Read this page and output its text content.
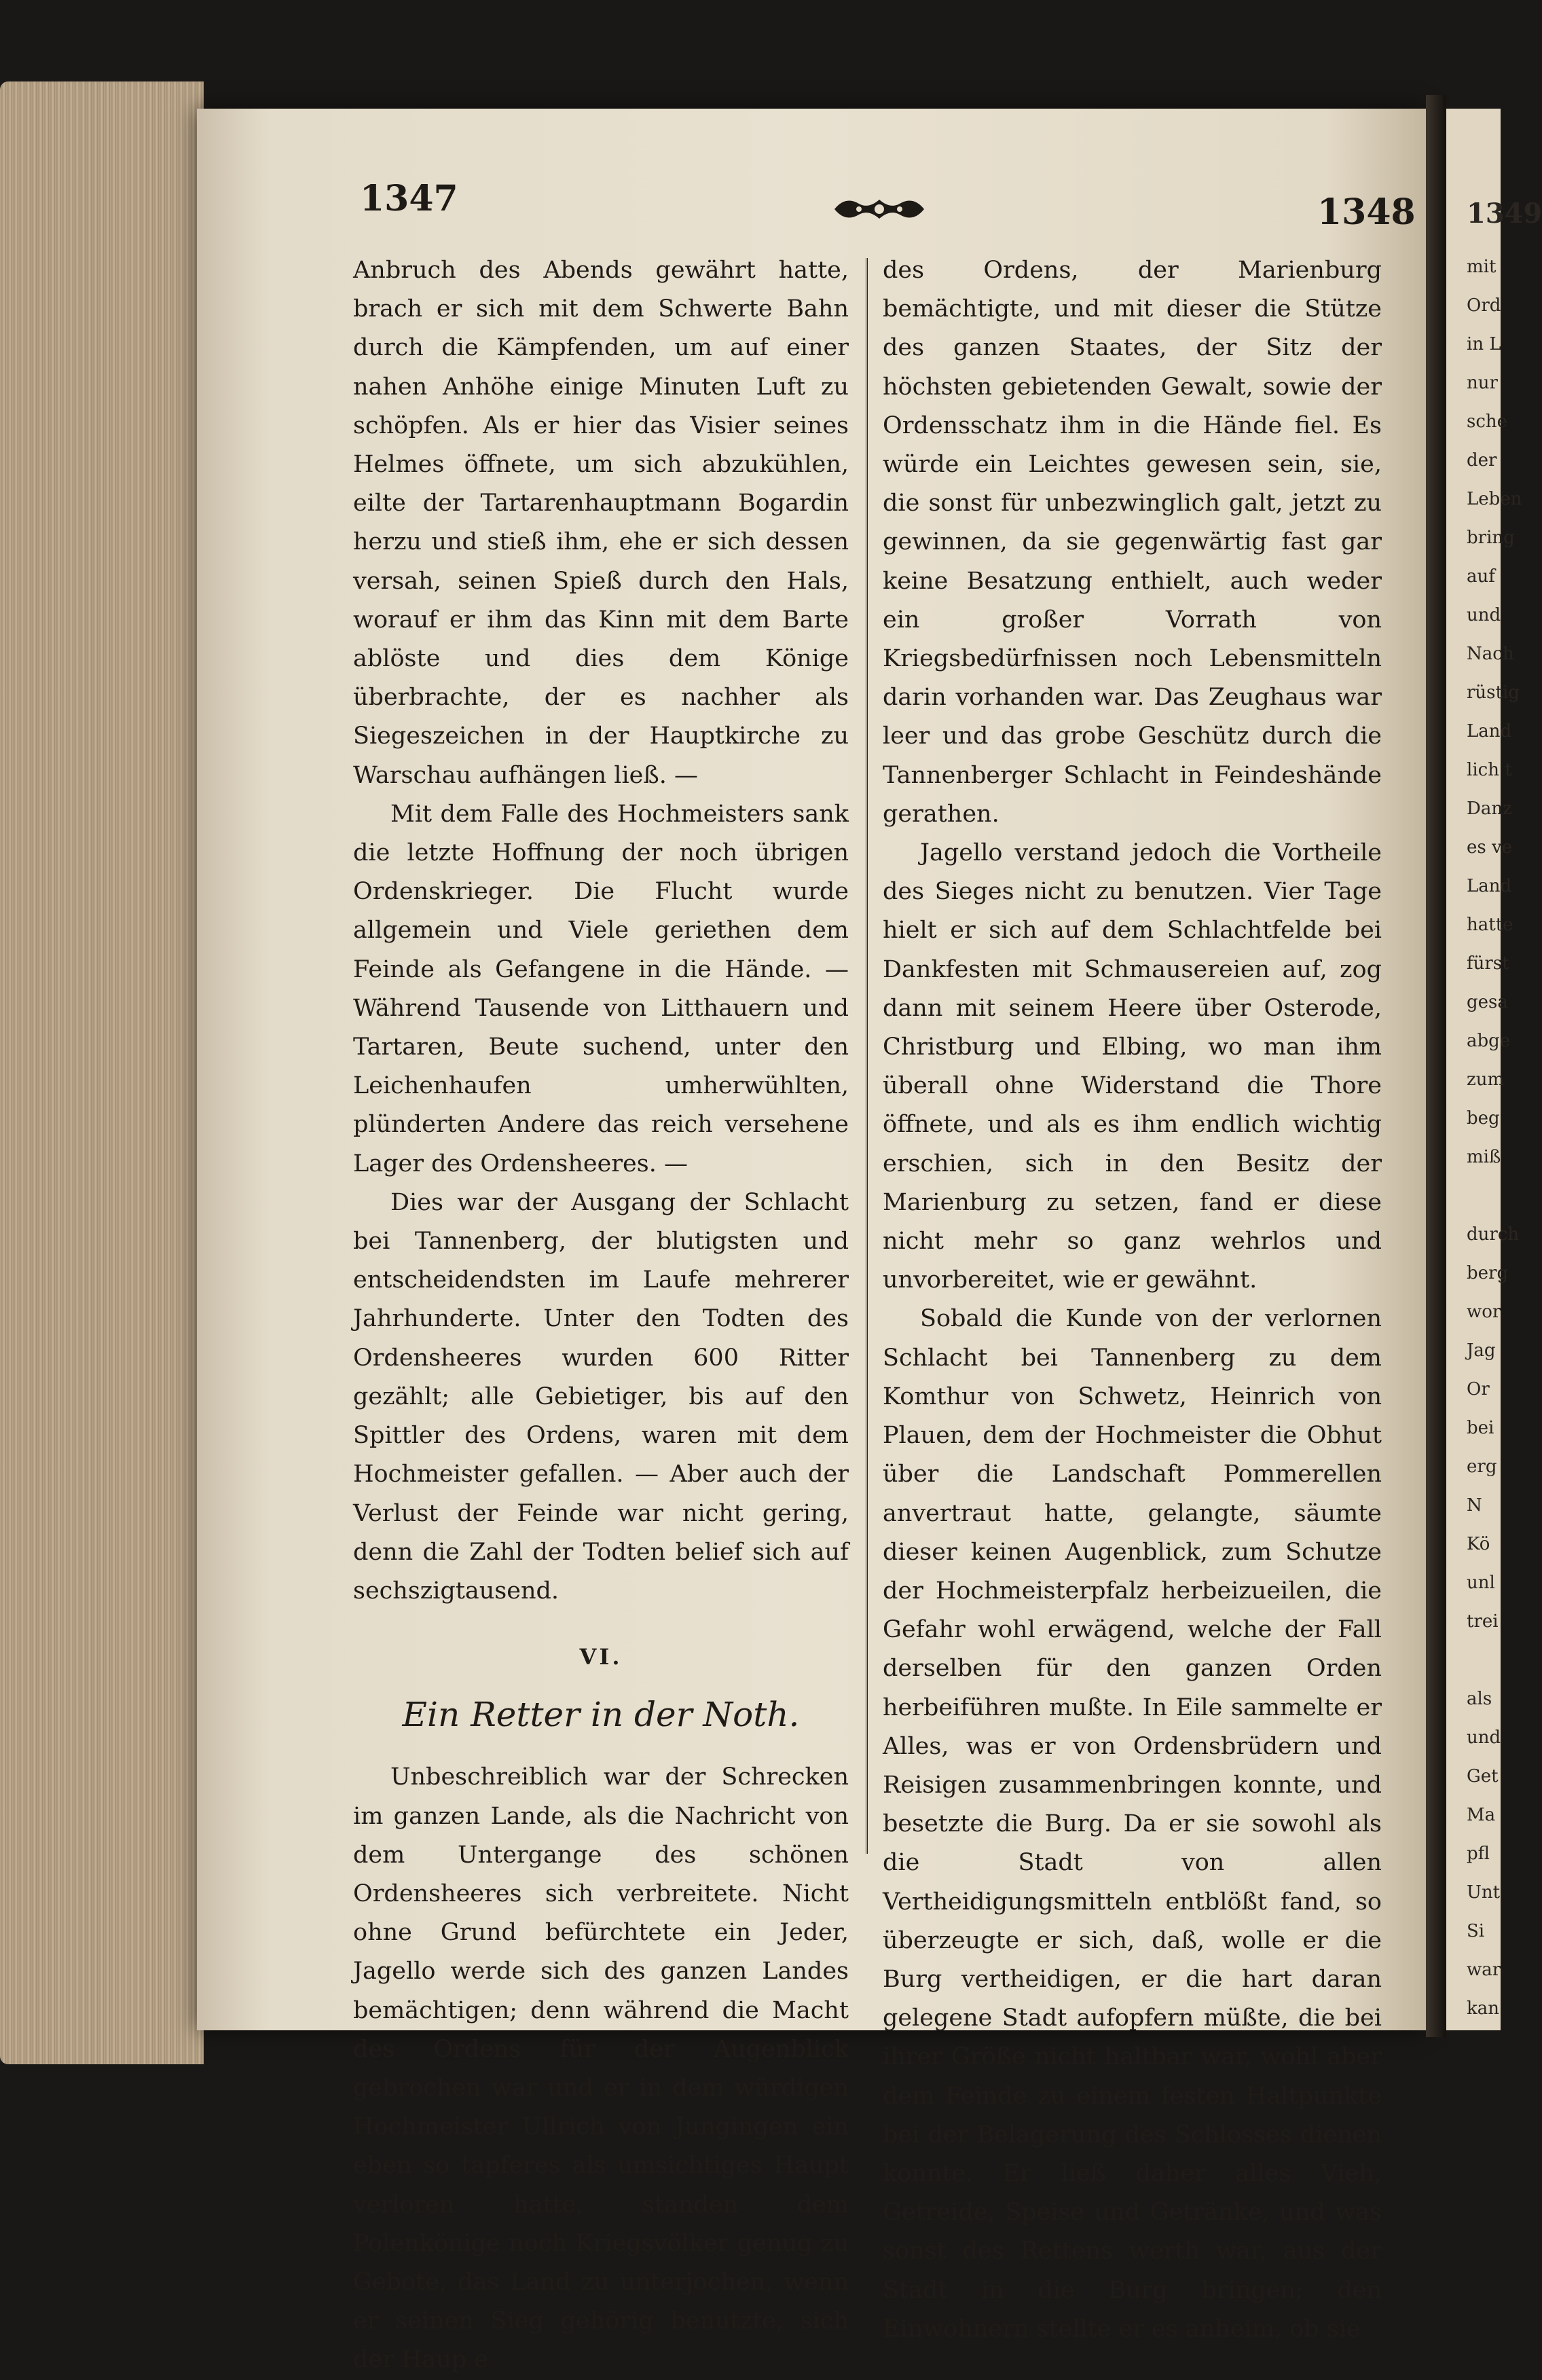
1349
mit
Ord
in L
nur
sche
der
Leben
bring
auf
und
Nach
rüstig
Land
lich t
Danz
es ve
Land
hatte
fürst
gesa
abge
zum
beg
miß

durch
berg
wor
Jag
Or
bei
erg
N
Kö
unl
trei

als
und
Get
Ma
pfl
Unt
Si
war
kan
1347	1348

Anbruch des Abends gewährt hatte, brach er sich mit dem Schwerte Bahn durch die Kämpfenden, um auf einer nahen Anhöhe einige Minuten Luft zu schöpfen. Als er hier das Visier seines Helmes öffnete, um sich abzukühlen, eilte der Tartarenhauptmann Bogardin herzu und stieß ihm, ehe er sich dessen versah, seinen Spieß durch den Hals, worauf er ihm das Kinn mit dem Barte ablöste und dies dem Könige überbrachte, der es nachher als Siegeszeichen in der Hauptkirche zu Warschau aufhängen ließ. —

Mit dem Falle des Hochmeisters sank die letzte Hoffnung der noch übrigen Ordenskrieger. Die Flucht wurde allgemein und Viele geriethen dem Feinde als Gefangene in die Hände. — Während Tausende von Litthauern und Tartaren, Beute suchend, unter den Leichenhaufen umherwühlten, plünderten Andere das reich versehene Lager des Ordensheeres. —

Dies war der Ausgang der Schlacht bei Tannenberg, der blutigsten und entscheidendsten im Laufe mehrerer Jahrhunderte. Unter den Todten des Ordensheeres wurden 600 Ritter gezählt; alle Gebietiger, bis auf den Spittler des Ordens, waren mit dem Hochmeister gefallen. — Aber auch der Verlust der Feinde war nicht gering, denn die Zahl der Todten belief sich auf sechszigtausend.

VI.
Ein Retter in der Noth.

Unbeschreiblich war der Schrecken im ganzen Lande, als die Nachricht von dem Untergange des schönen Ordensheeres sich verbreitete. Nicht ohne Grund befürchtete ein Jeder, Jagello werde sich des ganzen Landes bemächtigen; denn während die Macht des Ordens für der Augenblick gebrochen war und er in dem würdigen Hochmeister Ullrich von Jungingen ein eben so tapferes als umsichtiges Haupt verloren hatte, standen dem Polenkönige noch Kriegsvölker genug zu Gebote, das Land zu unterjochen, wenn er seinen Sieg gehörig benutzte, sich der Haup e

des Ordens, der Marienburg bemächtigte, und mit dieser die Stütze des ganzen Staates, der Sitz der höchsten gebietenden Gewalt, sowie der Ordensschatz ihm in die Hände fiel. Es würde ein Leichtes gewesen sein, sie, die sonst für unbezwinglich galt, jetzt zu gewinnen, da sie gegenwärtig fast gar keine Besatzung enthielt, auch weder ein großer Vorrath von Kriegsbedürfnissen noch Lebensmitteln darin vorhanden war. Das Zeughaus war leer und das grobe Geschütz durch die Tannenberger Schlacht in Feindeshände gerathen.

Jagello verstand jedoch die Vortheile des Sieges nicht zu benutzen. Vier Tage hielt er sich auf dem Schlachtfelde bei Dankfesten mit Schmausereien auf, zog dann mit seinem Heere über Osterode, Christburg und Elbing, wo man ihm überall ohne Widerstand die Thore öffnete, und als es ihm endlich wichtig erschien, sich in den Besitz der Marienburg zu setzen, fand er diese nicht mehr so ganz wehrlos und unvorbereitet, wie er gewähnt.

Sobald die Kunde von der verlornen Schlacht bei Tannenberg zu dem Komthur von Schwetz, Heinrich von Plauen, dem der Hochmeister die Obhut über die Landschaft Pommerellen anvertraut hatte, gelangte, säumte dieser keinen Augenblick, zum Schutze der Hochmeisterpfalz herbeizueilen, die Gefahr wohl erwägend, welche der Fall derselben für den ganzen Orden herbeiführen mußte. In Eile sammelte er Alles, was er von Ordensbrüdern und Reisigen zusammenbringen konnte, und besetzte die Burg. Da er sie sowohl als die Stadt von allen Vertheidigungsmitteln entblößt fand, so überzeugte er sich, daß, wolle er die Burg vertheidigen, er die hart daran gelegene Stadt aufopfern müßte, die bei ihrer Größe nicht haltbar war, wohl aber dem Feinde zu einem festen Haltpunkte bei der Belagerung des Schlosses dienen konnte. Er ließ daher alles Vieh, Getreide, Speise und Getränke, und was sonst des Rettens werth war, aus der Stadt in die Burg bringen; den Einwohnern stellte er es anheim, ob sie
